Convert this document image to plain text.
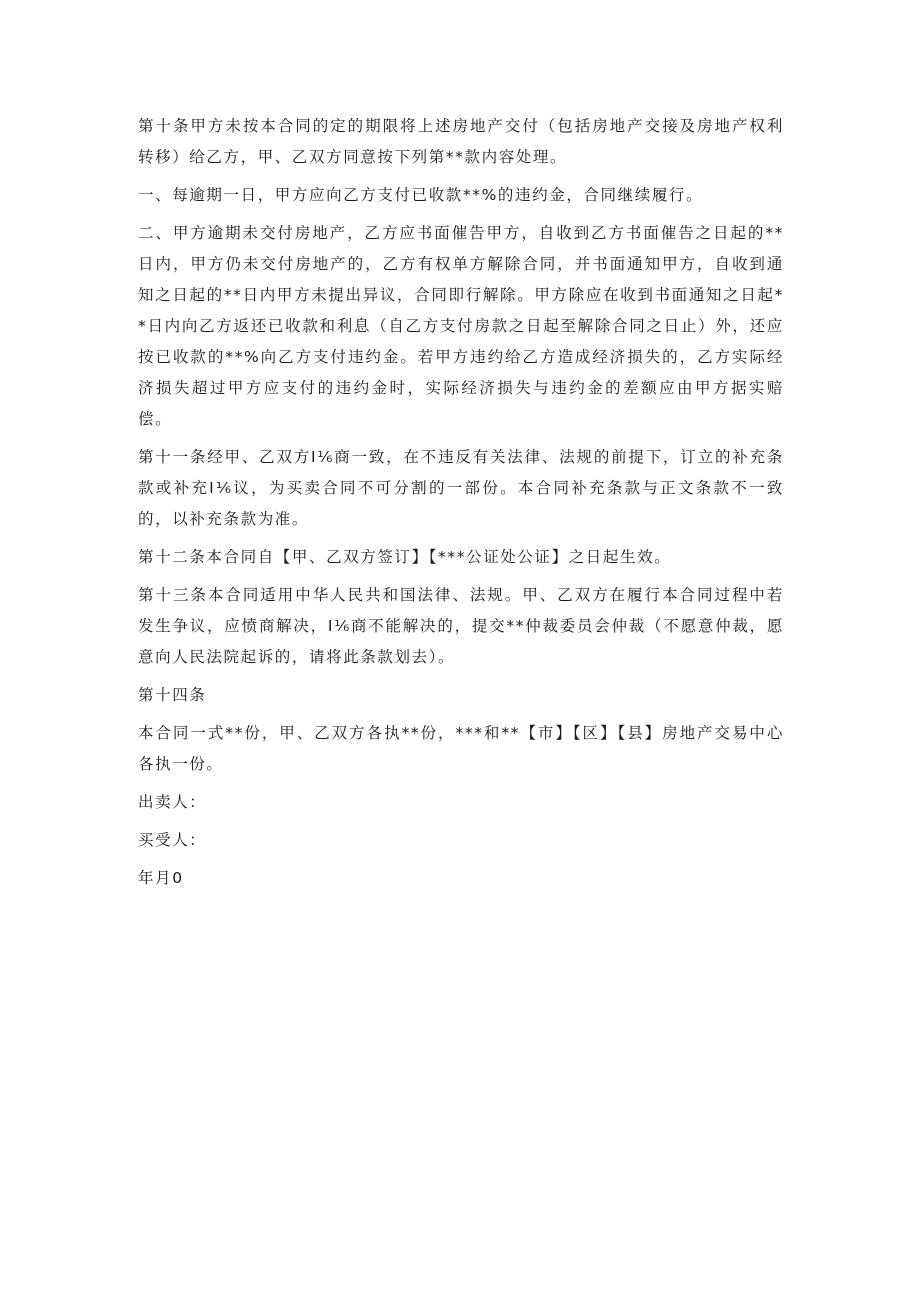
第十条甲方未按本合同的定的期限将上述房地产交付（包括房地产交接及房地产权利转移）给乙方，甲、乙双方同意按下列第**款内容处理。

一、每逾期一日，甲方应向乙方支付已收款**%的违约金，合同继续履行。

二、甲方逾期未交付房地产，乙方应书面催告甲方，自收到乙方书面催告之日起的**日内，甲方仍未交付房地产的，乙方有权单方解除合同，并书面通知甲方，自收到通知之日起的**日内甲方未提出异议，合同即行解除。甲方除应在收到书面通知之日起**日内向乙方返还已收款和利息（自乙方支付房款之日起至解除合同之日止）外，还应按已收款的**%向乙方支付违约金。若甲方违约给乙方造成经济损失的，乙方实际经济损失超过甲方应支付的违约金时，实际经济损失与违约金的差额应由甲方据实赔偿。

第十一条经甲、乙双方I⅙商一致，在不违反有关法律、法规的前提下，订立的补充条款或补充I⅙议，为买卖合同不可分割的一部份。本合同补充条款与正文条款不一致的，以补充条款为准。

第十二条本合同自【甲、乙双方签订】【***公证处公证】之日起生效。

第十三条本合同适用中华人民共和国法律、法规。甲、乙双方在履行本合同过程中若发生争议，应愤商解决，I⅙商不能解决的，提交**仲裁委员会仲裁（不愿意仲裁，愿意向人民法院起诉的，请将此条款划去）。

第十四条

本合同一式**份，甲、乙双方各执**份，***和**【市】【区】【县】房地产交易中心各执一份。

出卖人：

买受人：

年月0
